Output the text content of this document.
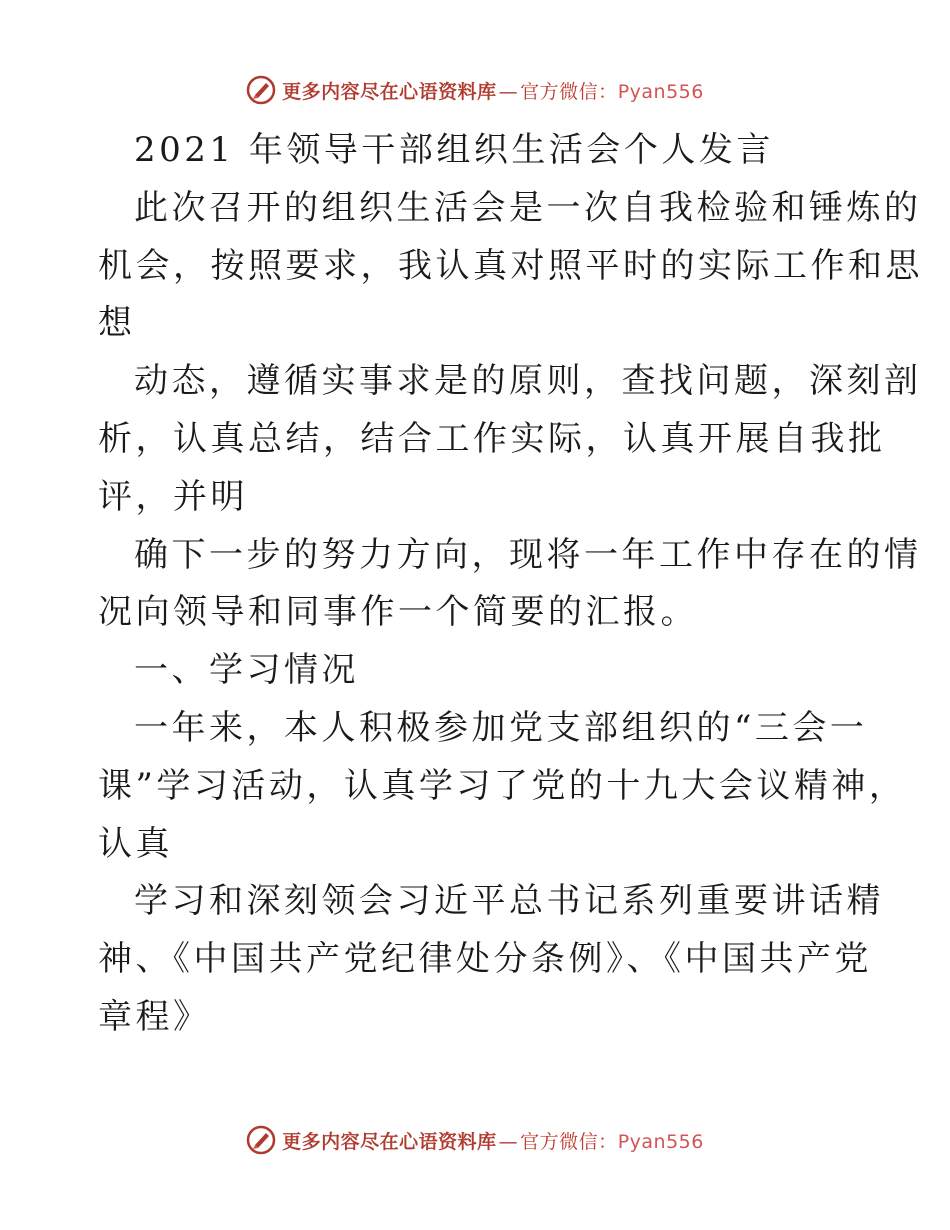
更多内容尽在心语资料库 — 官方微信：Pyan556
2021 年领导干部组织生活会个人发言
此次召开的组织生活会是一次自我检验和锤炼的
机会，按照要求，我认真对照平时的实际工作和思
想
动态，遵循实事求是的原则，查找问题，深刻剖
析，认真总结，结合工作实际，认真开展自我批
评，并明
确下一步的努力方向，现将一年工作中存在的情
况向领导和同事作一个简要的汇报。
一、学习情况
一年来，本人积极参加党支部组织的“三会一
课”学习活动，认真学习了党的十九大会议精神，
认真
学习和深刻领会习近平总书记系列重要讲话精
神、《中国共产党纪律处分条例》、《中国共产党
章程》
更多内容尽在心语资料库 — 官方微信：Pyan556
